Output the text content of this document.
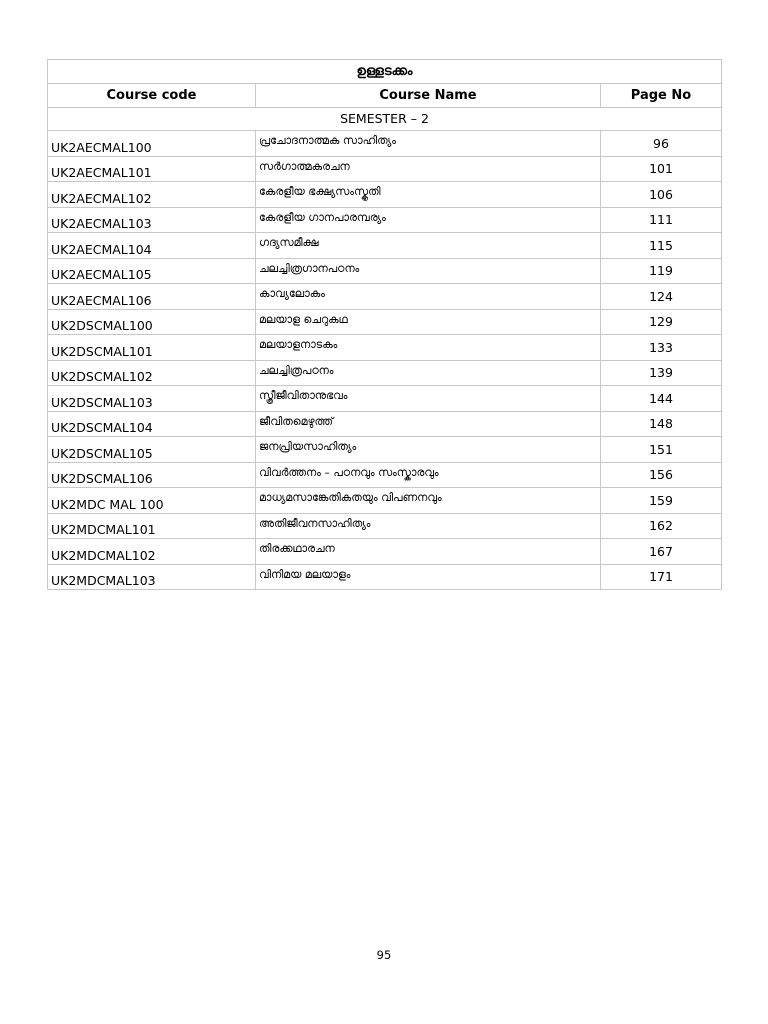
ഉള്ളടക്കം		
Course code	Course Name	Page No
SEMESTER – 2		
UK2AECMAL100	പ്രചോദനാത്മക സാഹിത്യം	96
UK2AECMAL101	സർഗാത്മകരചന	101
UK2AECMAL102	കേരളീയ ഭക്ഷ്യസംസ്കൃതി	106
UK2AECMAL103	കേരളീയ ഗാനപാരമ്പര്യം	111
UK2AECMAL104	ഗദ്യസമീക്ഷ	115
UK2AECMAL105	ചലച്ചിത്രഗാനപഠനം	119
UK2AECMAL106	കാവ്യലോകം	124
UK2DSCMAL100	മലയാള ചെറുകഥ	129
UK2DSCMAL101	മലയാളനാടകം	133
UK2DSCMAL102	ചലച്ചിത്രപഠനം	139
UK2DSCMAL103	സ്ത്രീജീവിതാനുഭവം	144
UK2DSCMAL104	ജീവിതമെഴുത്ത്	148
UK2DSCMAL105	ജനപ്രിയസാഹിത്യം	151
UK2DSCMAL106	വിവർത്തനം – പഠനവും സംസ്കാരവും	156
UK2MDC MAL 100	മാധ്യമസാങ്കേതികതയും വിപണനവും	159
UK2MDCMAL101	അതിജീവനസാഹിത്യം	162
UK2MDCMAL102	തിരക്കഥാരചന	167
UK2MDCMAL103	വിനിമയ മലയാളം	171
95
